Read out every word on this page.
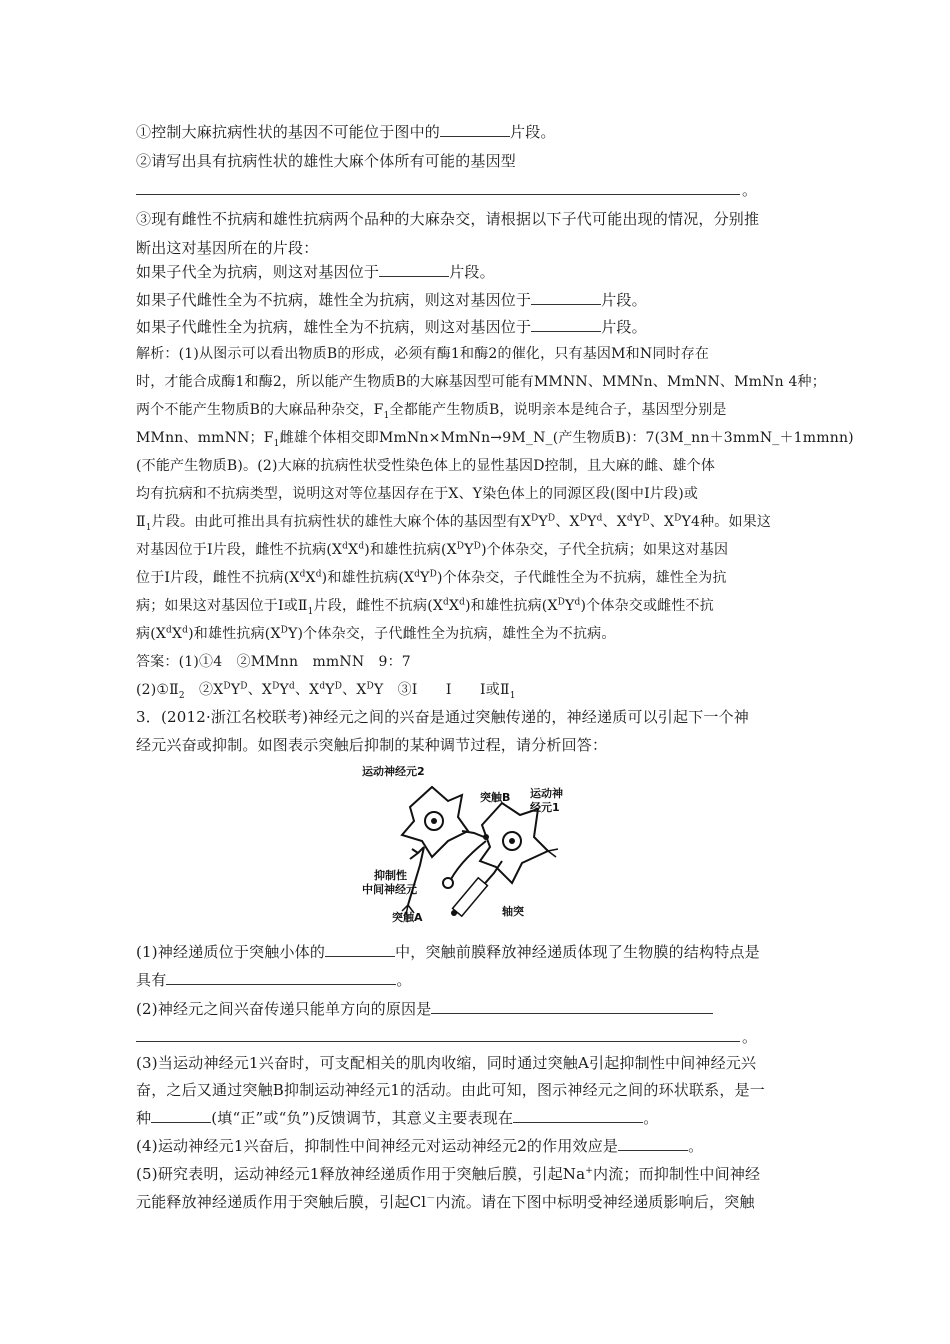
①控制大麻抗病性状的基因不可能位于图中的	片段。
②请写出具有抗病性状的雄性大麻个体所有可能的基因型
。
③现有雌性不抗病和雄性抗病两个品种的大麻杂交，请根据以下子代可能出现的情况，分别推
断出这对基因所在的片段：
如果子代全为抗病，则这对基因位于	片段。
如果子代雌性全为不抗病，雄性全为抗病，则这对基因位于	片段。
如果子代雌性全为抗病，雄性全为不抗病，则这对基因位于	片段。
解析：(1)从图示可以看出物质B的形成，必须有酶1和酶2的催化，只有基因M和N同时存在
时，才能合成酶1和酶2，所以能产生物质B的大麻基因型可能有MMNN、MMNn、MmNN、MmNn 4种；
两个不能产生物质B的大麻品种杂交，$F_1$全都能产生物质B，说明亲本是纯合子，基因型分别是
MMnn、mmNN；$F_1$雌雄个体相交即MmNn×MmNn→9M_N_(产生物质B)：7(3M_nn＋3mmN_＋1mmnn)
(不能产生物质B)。(2)大麻的抗病性状受性染色体上的显性基因D控制，且大麻的雌、雄个体
均有抗病和不抗病类型，说明这对等位基因存在于X、Y染色体上的同源区段(图中Ⅰ片段)或
$Ⅱ_1$片段。由此可推出具有抗病性状的雄性大麻个体的基因型有$X^DY^D$、$X^DY^d$、$X^dY^D$、$X^DY4$种。如果这
对基因位于Ⅰ片段，雌性不抗病$(X^dX^d)$和雄性抗病$(X^DY^D)$个体杂交，子代全抗病；如果这对基因
位于Ⅰ片段，雌性不抗病$(X^dX^d)$和雄性抗病$(X^dY^D)$个体杂交，子代雌性全为不抗病，雄性全为抗
病；如果这对基因位于Ⅰ或$Ⅱ_1$片段，雌性不抗病$(X^dX^d)$和雄性抗病$(X^DY^d)$个体杂交或雌性不抗
病$(X^dX^d)$和雄性抗病$(X^DY)$个体杂交，子代雌性全为抗病，雄性全为不抗病。
答案：(1)①4　②MMnn　mmNN　9：7
$(2)①Ⅱ_2$　$②X^DY^D$、$X^DY^d$、$X^dY^D$、$X^DY$　③Ⅰ　　Ⅰ　　Ⅰ或$Ⅱ_1$
3．(2012·浙江名校联考)神经元之间的兴奋是通过突触传递的，神经递质可以引起下一个神
经元兴奋或抑制。如图表示突触后抑制的某种调节过程，请分析回答：
运动神经元2
突触B 运动神
经元1
抑制性
中间神经元
突触A	轴突
(1)神经递质位于突触小体的	中，突触前膜释放神经递质体现了生物膜的结构特点是
具有	。
(2)神经元之间兴奋传递只能单方向的原因是
。
(3)当运动神经元1兴奋时，可支配相关的肌肉收缩，同时通过突触A引起抑制性中间神经元兴
奋，之后又通过突触B抑制运动神经元1的活动。由此可知，图示神经元之间的环状联系，是一
种	(填“正”或“负”)反馈调节，其意义主要表现在	。
(4)运动神经元1兴奋后，抑制性中间神经元对运动神经元2的作用效应是	。
(5)研究表明，运动神经元1释放神经递质作用于突触后膜，引起Na+内流；而抑制性中间神经
元能释放神经递质作用于突触后膜，引起Cl－内流。请在下图中标明受神经递质影响后，突触
